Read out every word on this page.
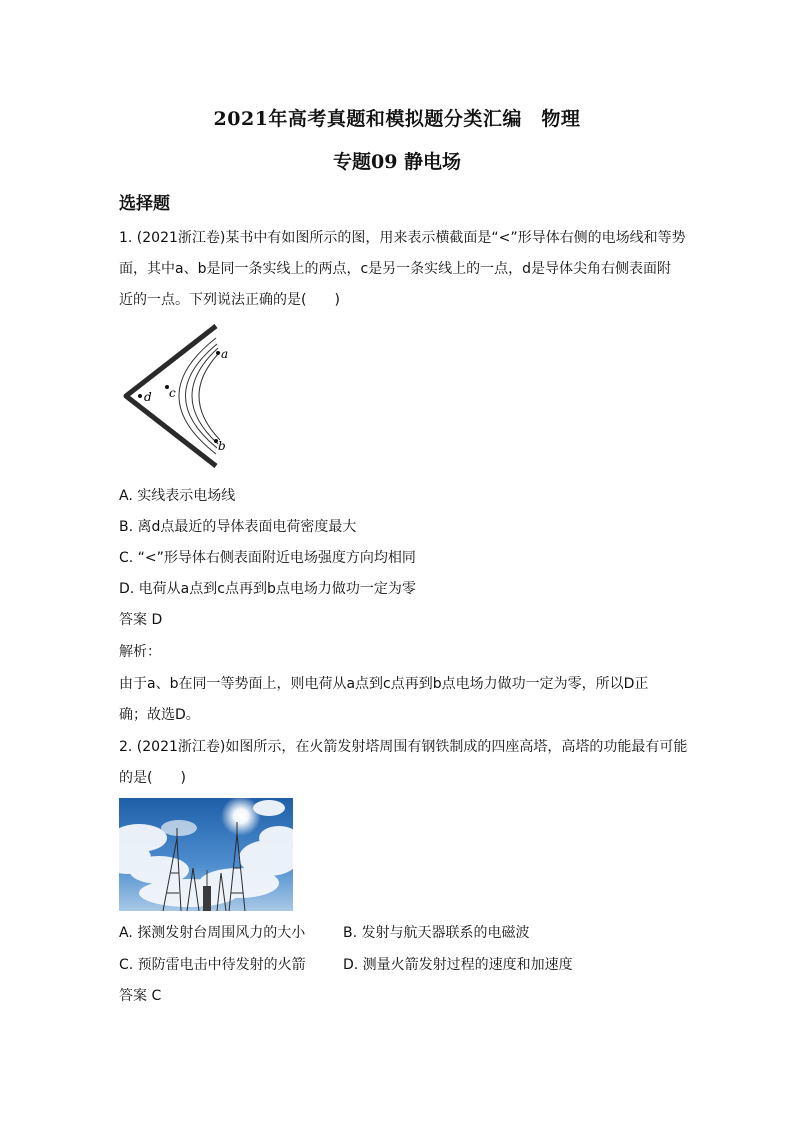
2021年高考真题和模拟题分类汇编　物理
专题09 静电场
选择题
1. (2021浙江卷)某书中有如图所示的图，用来表示横截面是“<”形导体右侧的电场线和等势
面，其中a、b是同一条实线上的两点，c是另一条实线上的一点，d是导体尖角右侧表面附
近的一点。下列说法正确的是(　　)
a
b
c
d
A. 实线表示电场线
B. 离d点最近的导体表面电荷密度最大
C. “<”形导体右侧表面附近电场强度方向均相同
D. 电荷从a点到c点再到b点电场力做功一定为零
答案 D
解析：
由于a、b在同一等势面上，则电荷从a点到c点再到b点电场力做功一定为零，所以D正
确；故选D。
2. (2021浙江卷)如图所示，在火箭发射塔周围有钢铁制成的四座高塔，高塔的功能最有可能
的是(　　)
A. 探测发射台周围风力的大小	B. 发射与航天器联系的电磁波
C. 预防雷电击中待发射的火箭	D. 测量火箭发射过程的速度和加速度
答案 C
